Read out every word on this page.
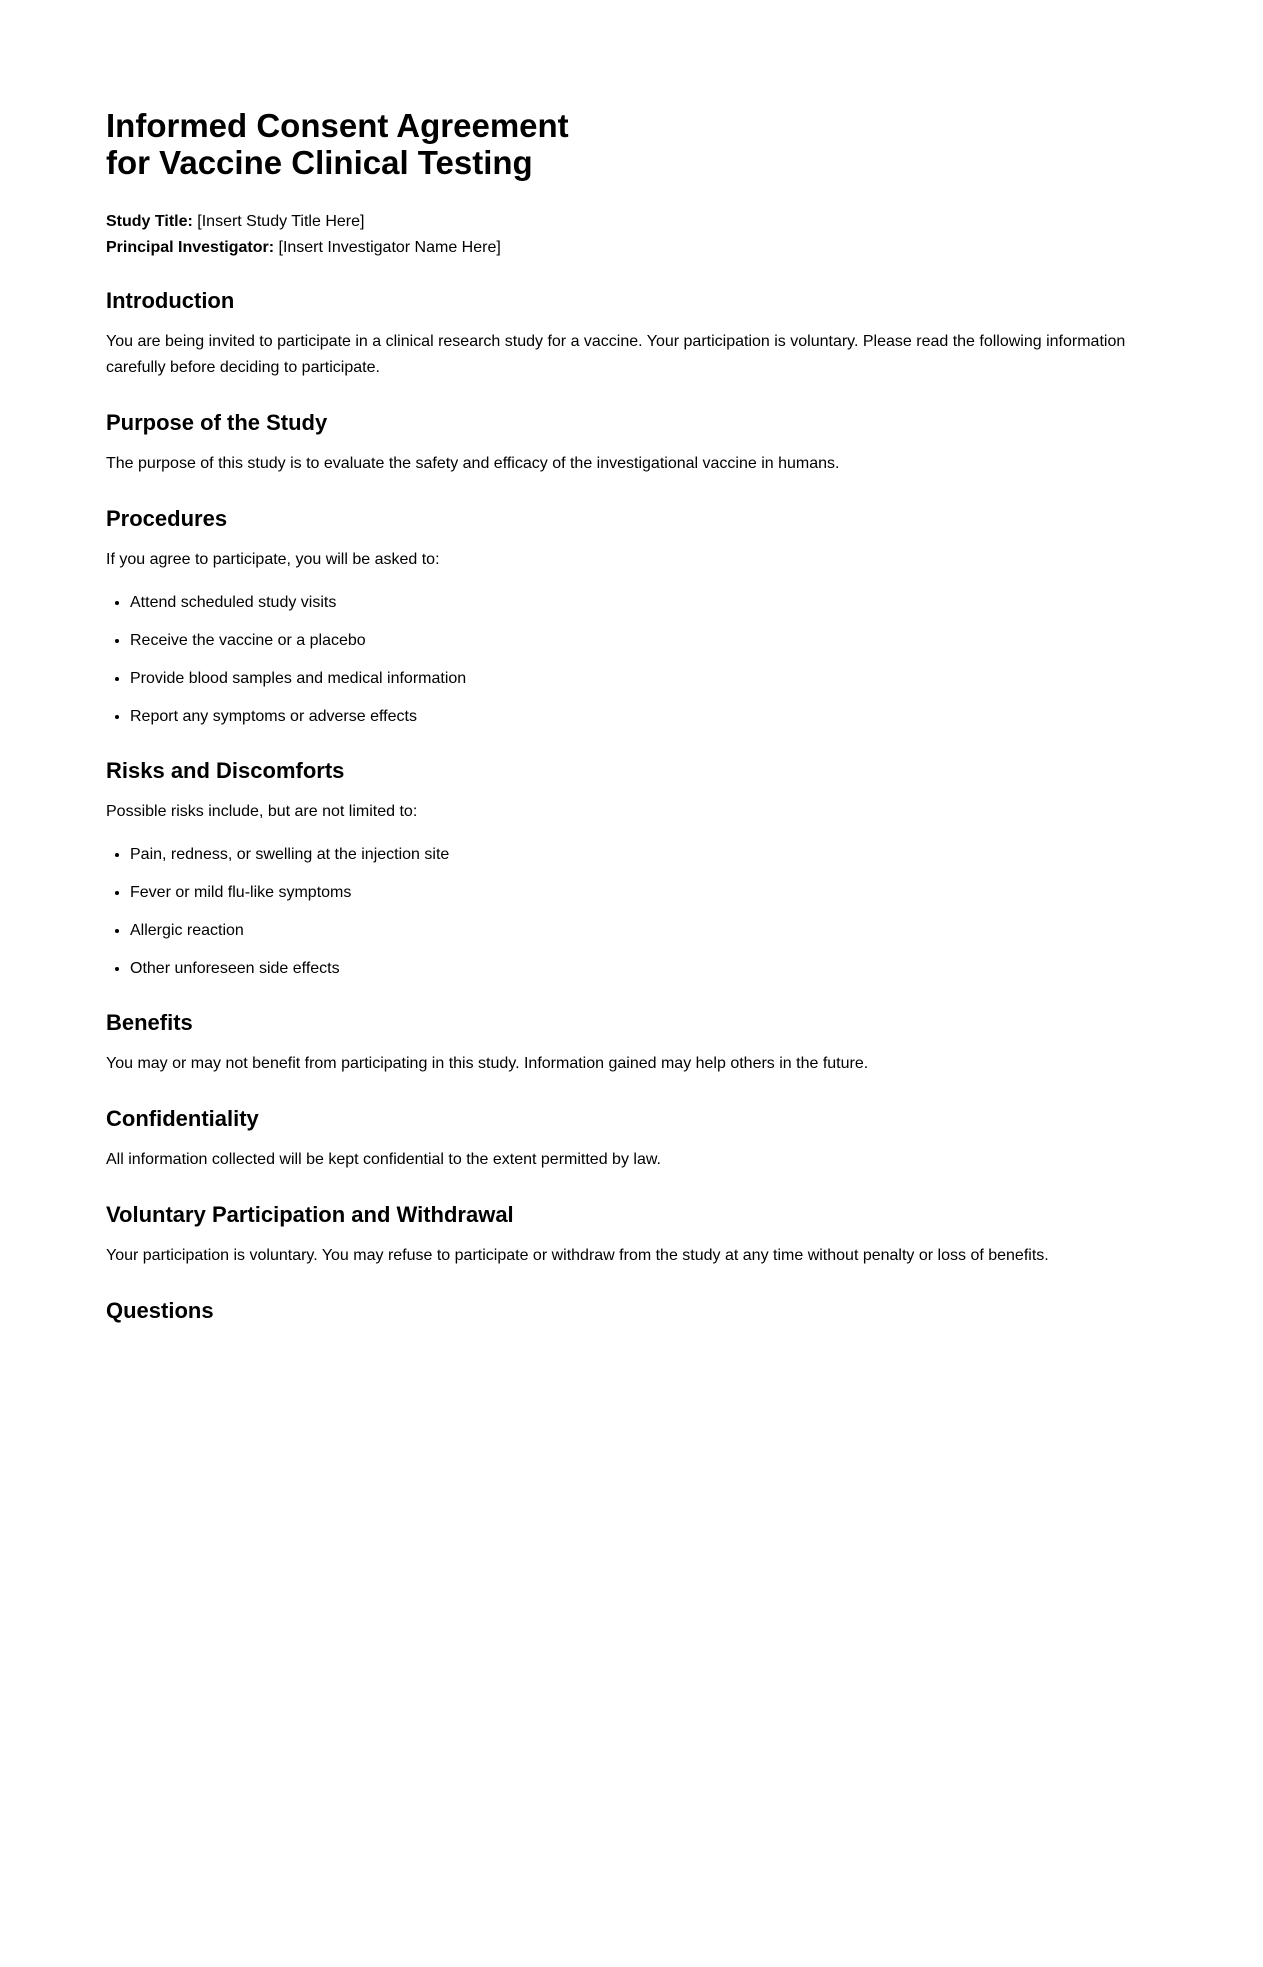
Informed Consent Agreement
for Vaccine Clinical Testing

Study Title: [Insert Study Title Here]

Principal Investigator: [Insert Investigator Name Here]

Introduction

You are being invited to participate in a clinical research study for a vaccine. Your participation is voluntary. Please read the following information carefully before deciding to participate.

Purpose of the Study

The purpose of this study is to evaluate the safety and efficacy of the investigational vaccine in humans.

Procedures

If you agree to participate, you will be asked to:

• Attend scheduled study visits
• Receive the vaccine or a placebo
• Provide blood samples and medical information
• Report any symptoms or adverse effects
Risks and Discomforts

Possible risks include, but are not limited to:

• Pain, redness, or swelling at the injection site
• Fever or mild flu-like symptoms
• Allergic reaction
• Other unforeseen side effects
Benefits

You may or may not benefit from participating in this study. Information gained may help others in the future.

Confidentiality

All information collected will be kept confidential to the extent permitted by law.

Voluntary Participation and Withdrawal

Your participation is voluntary. You may refuse to participate or withdraw from the study at any time without penalty or loss of benefits.

Questions
